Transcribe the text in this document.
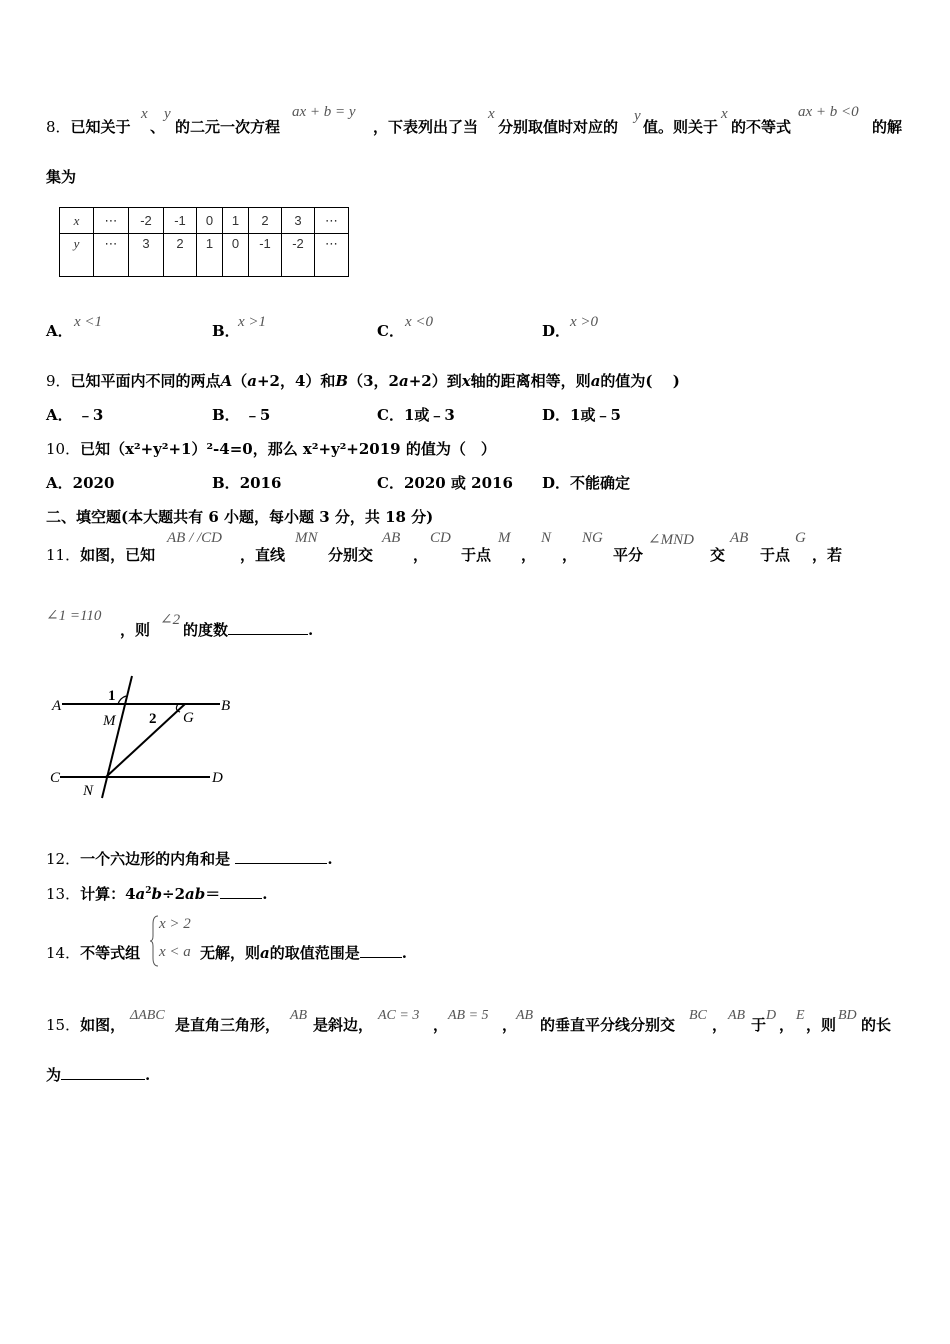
8．已知关于
x
、
y
的二元一次方程
ax + b = y
，下表列出了当
x
分别取值时对应的
y
值。则关于
x
的不等式
ax + b <0
的解
集为
x	⋯	-2	-1	0	1	2	3	⋯
y	⋯	3	2	1	0	-1	-2	⋯
A． x <1	B．
x >1	C． x <0	D． x >0
9．已知平面内不同的两点A（a+2，4）和B（3，2a+2）到x轴的距离相等，则a的值为(　 )
A． ﹣3	B． ﹣5	C．1或﹣3	D．1或﹣5
10．已知（x²+y²+1）²-4=0，那么 x²+y²+2019 的值为（　）
A．2020	B．2016	C．2020 或 2016 D．不能确定
二、填空题(本大题共有 6 小题，每小题 3 分，共 18 分)
11．如图，已知
AB / /CD
，直线
MN
分别交
AB
，
CD
于点
M
，
N
，
NG
平分
∠MND
交
AB
于点
G
，若
∠1 =110
，则
∠2
的度数	.
A	B
C	D
M
N
G
1
2
12．一个六边形的内角和是	.
13．计算：$4a^2b\div 2ab=$	.
14．不等式组
x > 2
x < a 无解，则a的取值范围是	.
15．如图，
ΔABC
是直角三角形，
AB
是斜边，
AC = 3
，
AB = 5
，
AB
的垂直平分线分别交
BC
，
AB
于
D
，
E
，则
BD
的长
为	.
